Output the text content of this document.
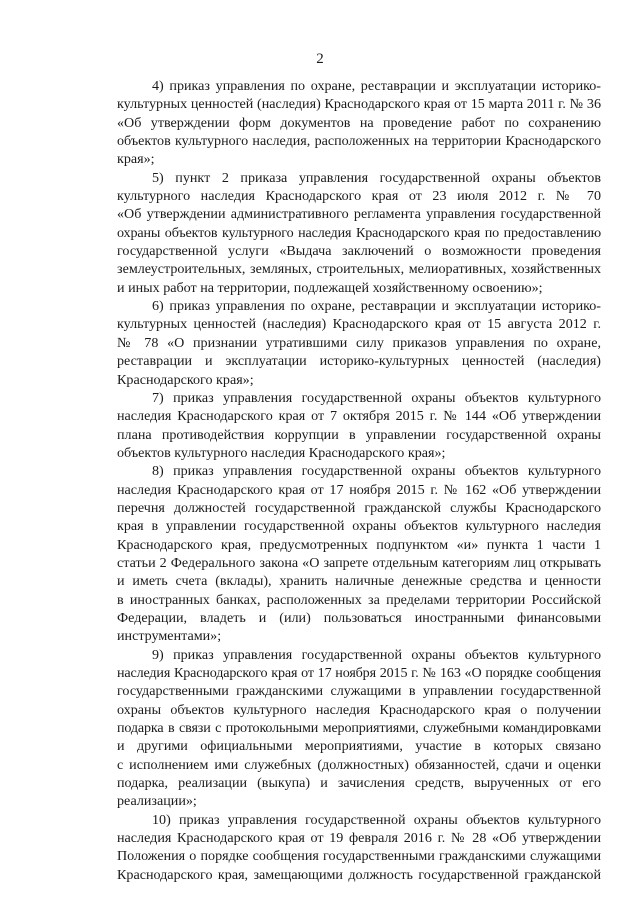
2
4) приказ управления по охране, реставрации и эксплуатации историко-
культурных ценностей (наследия) Краснодарского края от 15 марта 2011 г. № 36
«Об утверждении форм документов на проведение работ по сохранению
объектов культурного наследия, расположенных на территории Краснодарского
края»;
5) пункт 2 приказа управления государственной охраны объектов
культурного наследия Краснодарского края от 23 июля 2012 г. № 70
«Об утверждении административного регламента управления государственной
охраны объектов культурного наследия Краснодарского края по предоставлению
государственной услуги «Выдача заключений о возможности проведения
землеустроительных, земляных, строительных, мелиоративных, хозяйственных
и иных работ на территории, подлежащей хозяйственному освоению»;
6) приказ управления по охране, реставрации и эксплуатации историко-
культурных ценностей (наследия) Краснодарского края от 15 августа 2012 г.
№ 78 «О признании утратившими силу приказов управления по охране,
реставрации и эксплуатации историко-культурных ценностей (наследия)
Краснодарского края»;
7) приказ управления государственной охраны объектов культурного
наследия Краснодарского края от 7 октября 2015 г. № 144 «Об утверждении
плана противодействия коррупции в управлении государственной охраны
объектов культурного наследия Краснодарского края»;
8) приказ управления государственной охраны объектов культурного
наследия Краснодарского края от 17 ноября 2015 г. № 162 «Об утверждении
перечня должностей государственной гражданской службы Краснодарского
края в управлении государственной охраны объектов культурного наследия
Краснодарского края, предусмотренных подпунктом «и» пункта 1 части 1
статьи 2 Федерального закона «О запрете отдельным категориям лиц открывать
и иметь счета (вклады), хранить наличные денежные средства и ценности
в иностранных банках, расположенных за пределами территории Российской
Федерации, владеть и (или) пользоваться иностранными финансовыми
инструментами»;
9) приказ управления государственной охраны объектов культурного
наследия Краснодарского края от 17 ноября 2015 г. № 163 «О порядке сообщения
государственными гражданскими служащими в управлении государственной
охраны объектов культурного наследия Краснодарского края о получении
подарка в связи с протокольными мероприятиями, служебными командировками
и другими официальными мероприятиями, участие в которых связано
с исполнением ими служебных (должностных) обязанностей, сдачи и оценки
подарка, реализации (выкупа) и зачисления средств, вырученных от его
реализации»;
10) приказ управления государственной охраны объектов культурного
наследия Краснодарского края от 19 февраля 2016 г. № 28 «Об утверждении
Положения о порядке сообщения государственными гражданскими служащими
Краснодарского края, замещающими должность государственной гражданской
